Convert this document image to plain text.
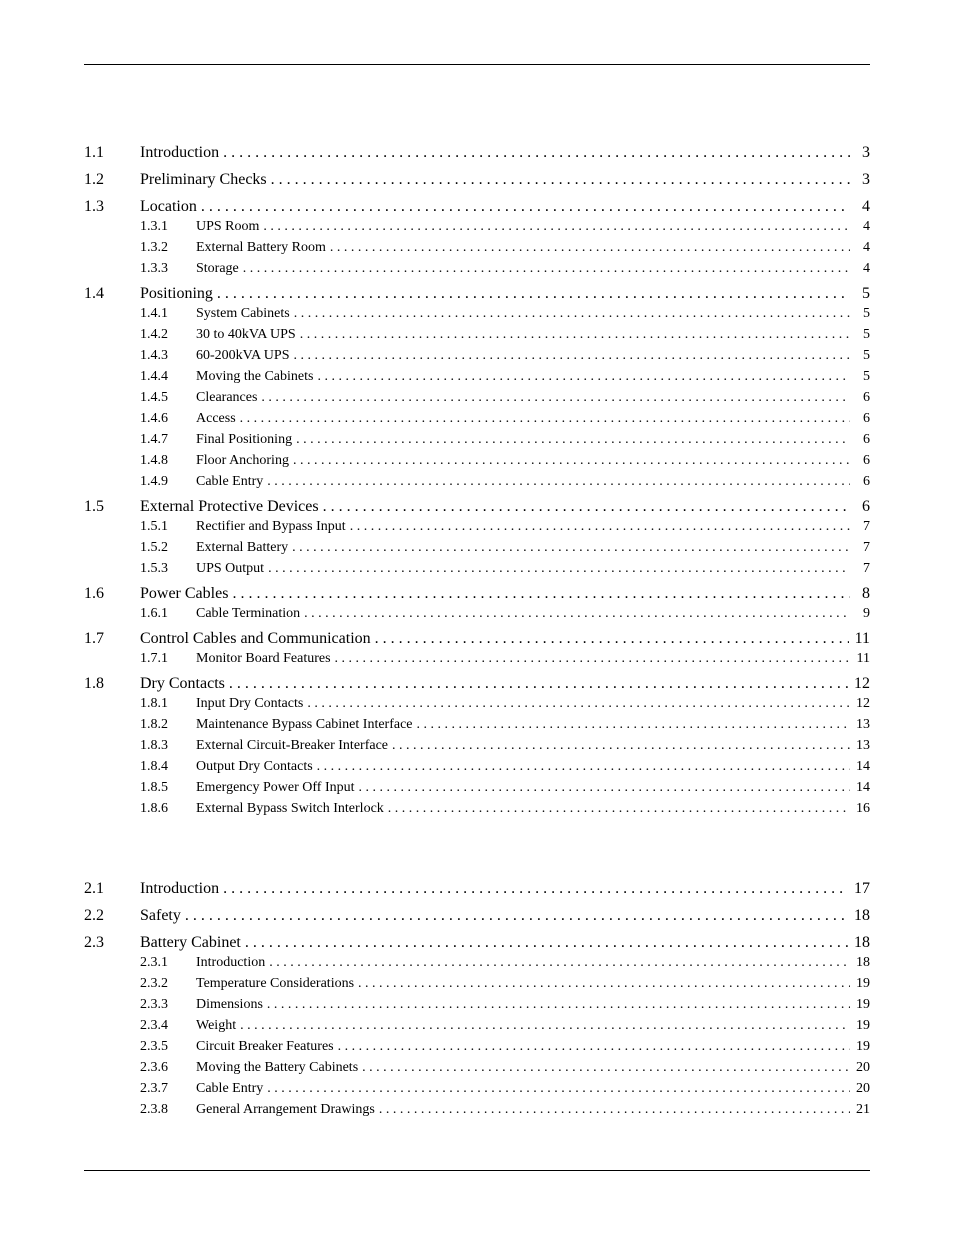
1.1	Introduction . . .	3
1.2	Preliminary Checks . . .	3
1.3	Location . . .	4
1.3.1	UPS Room . . .	4
1.3.2	External Battery Room . . .	4
1.3.3	Storage . . .	4
1.4	Positioning . . .	5
1.4.1	System Cabinets . . .	5
1.4.2	30 to 40kVA UPS . . .	5
1.4.3	60-200kVA UPS . . .	5
1.4.4	Moving the Cabinets . . .	5
1.4.5	Clearances . . .	6
1.4.6	Access . . .	6
1.4.7	Final Positioning . . .	6
1.4.8	Floor Anchoring . . .	6
1.4.9	Cable Entry . . .	6
1.5	External Protective Devices . . .	6
1.5.1	Rectifier and Bypass Input . . .	7
1.5.2	External Battery . . .	7
1.5.3	UPS Output . . .	7
1.6	Power Cables . . .	8
1.6.1	Cable Termination . . .	9
1.7	Control Cables and Communication . . .	11
1.7.1	Monitor Board Features . . .	11
1.8	Dry Contacts . . .	12
1.8.1	Input Dry Contacts . . .	12
1.8.2	Maintenance Bypass Cabinet Interface . . .	13
1.8.3	External Circuit-Breaker Interface . . .	13
1.8.4	Output Dry Contacts . . .	14
1.8.5	Emergency Power Off Input . . .	14
1.8.6	External Bypass Switch Interlock . . .	16
2.1	Introduction . . .	17
2.2	Safety . . .	18
2.3	Battery Cabinet . . .	18
2.3.1	Introduction . . .	18
2.3.2	Temperature Considerations . . .	19
2.3.3	Dimensions . . .	19
2.3.4	Weight . . .	19
2.3.5	Circuit Breaker Features . . .	19
2.3.6	Moving the Battery Cabinets . . .	20
2.3.7	Cable Entry . . .	20
2.3.8	General Arrangement Drawings . . .	21
